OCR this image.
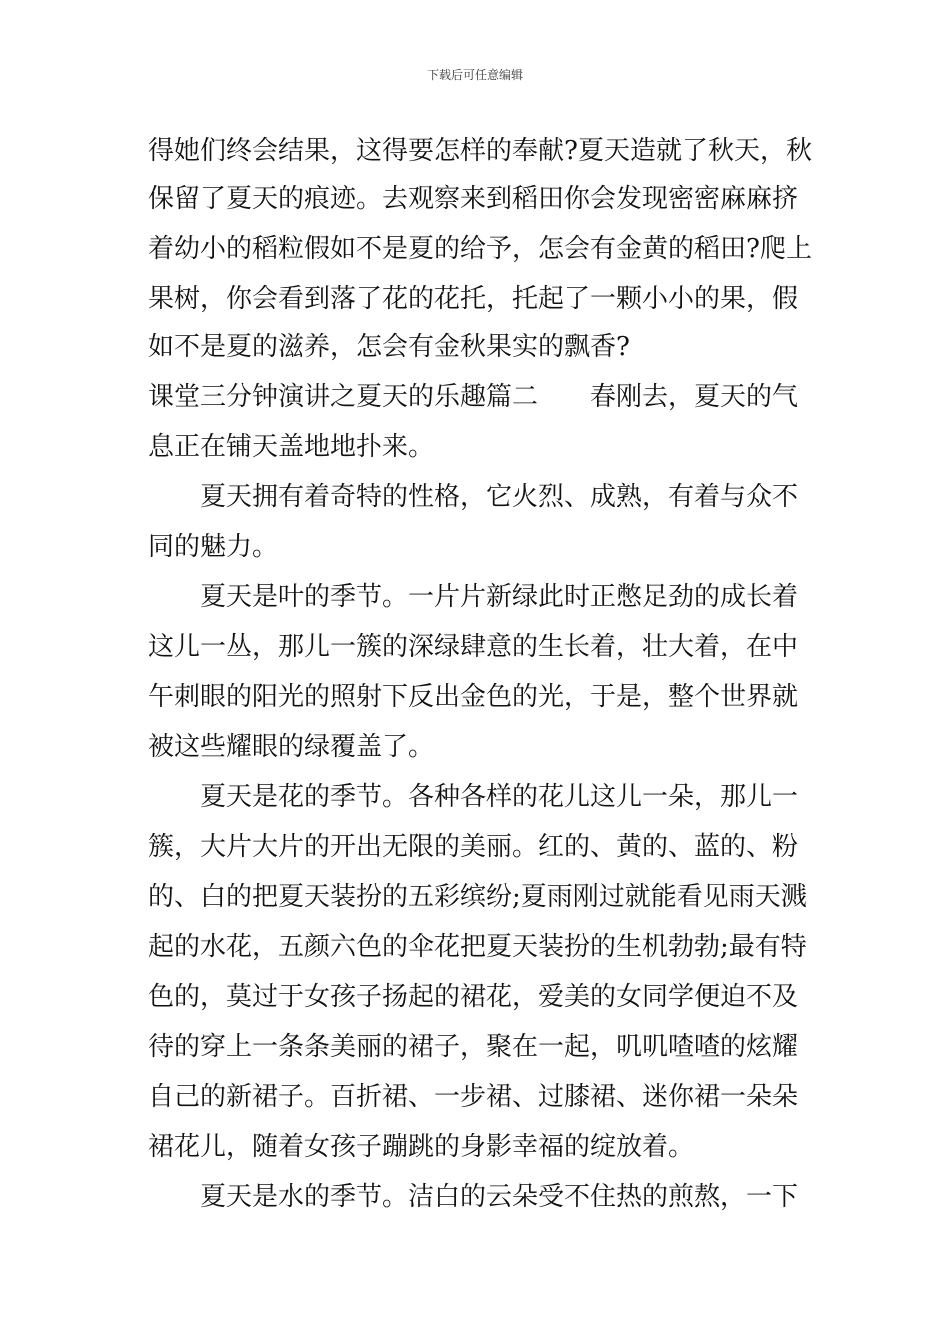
下载后可任意编辑
得她们终会结果，这得要怎样的奉献?夏天造就了秋天，秋
保留了夏天的痕迹。去观察来到稻田你会发现密密麻麻挤
着幼小的稻粒假如不是夏的给予，怎会有金黄的稻田?爬上
果树，你会看到落了花的花托，托起了一颗小小的果，假
如不是夏的滋养，怎会有金秋果实的飘香?
课堂三分钟演讲之夏天的乐趣篇二　　春刚去，夏天的气
息正在铺天盖地地扑来。
　　夏天拥有着奇特的性格，它火烈、成熟，有着与众不
同的魅力。
　　夏天是叶的季节。一片片新绿此时正憋足劲的成长着
这儿一丛，那儿一簇的深绿肆意的生长着，壮大着，在中
午刺眼的阳光的照射下反出金色的光，于是，整个世界就
被这些耀眼的绿覆盖了。
　　夏天是花的季节。各种各样的花儿这儿一朵，那儿一
簇，大片大片的开出无限的美丽。红的、黄的、蓝的、粉
的、白的把夏天装扮的五彩缤纷;夏雨刚过就能看见雨天溅
起的水花，五颜六色的伞花把夏天装扮的生机勃勃;最有特
色的，莫过于女孩子扬起的裙花，爱美的女同学便迫不及
待的穿上一条条美丽的裙子，聚在一起，叽叽喳喳的炫耀
自己的新裙子。百折裙、一步裙、过膝裙、迷你裙一朵朵
裙花儿，随着女孩子蹦跳的身影幸福的绽放着。
　　夏天是水的季节。洁白的云朵受不住热的煎熬，一下
